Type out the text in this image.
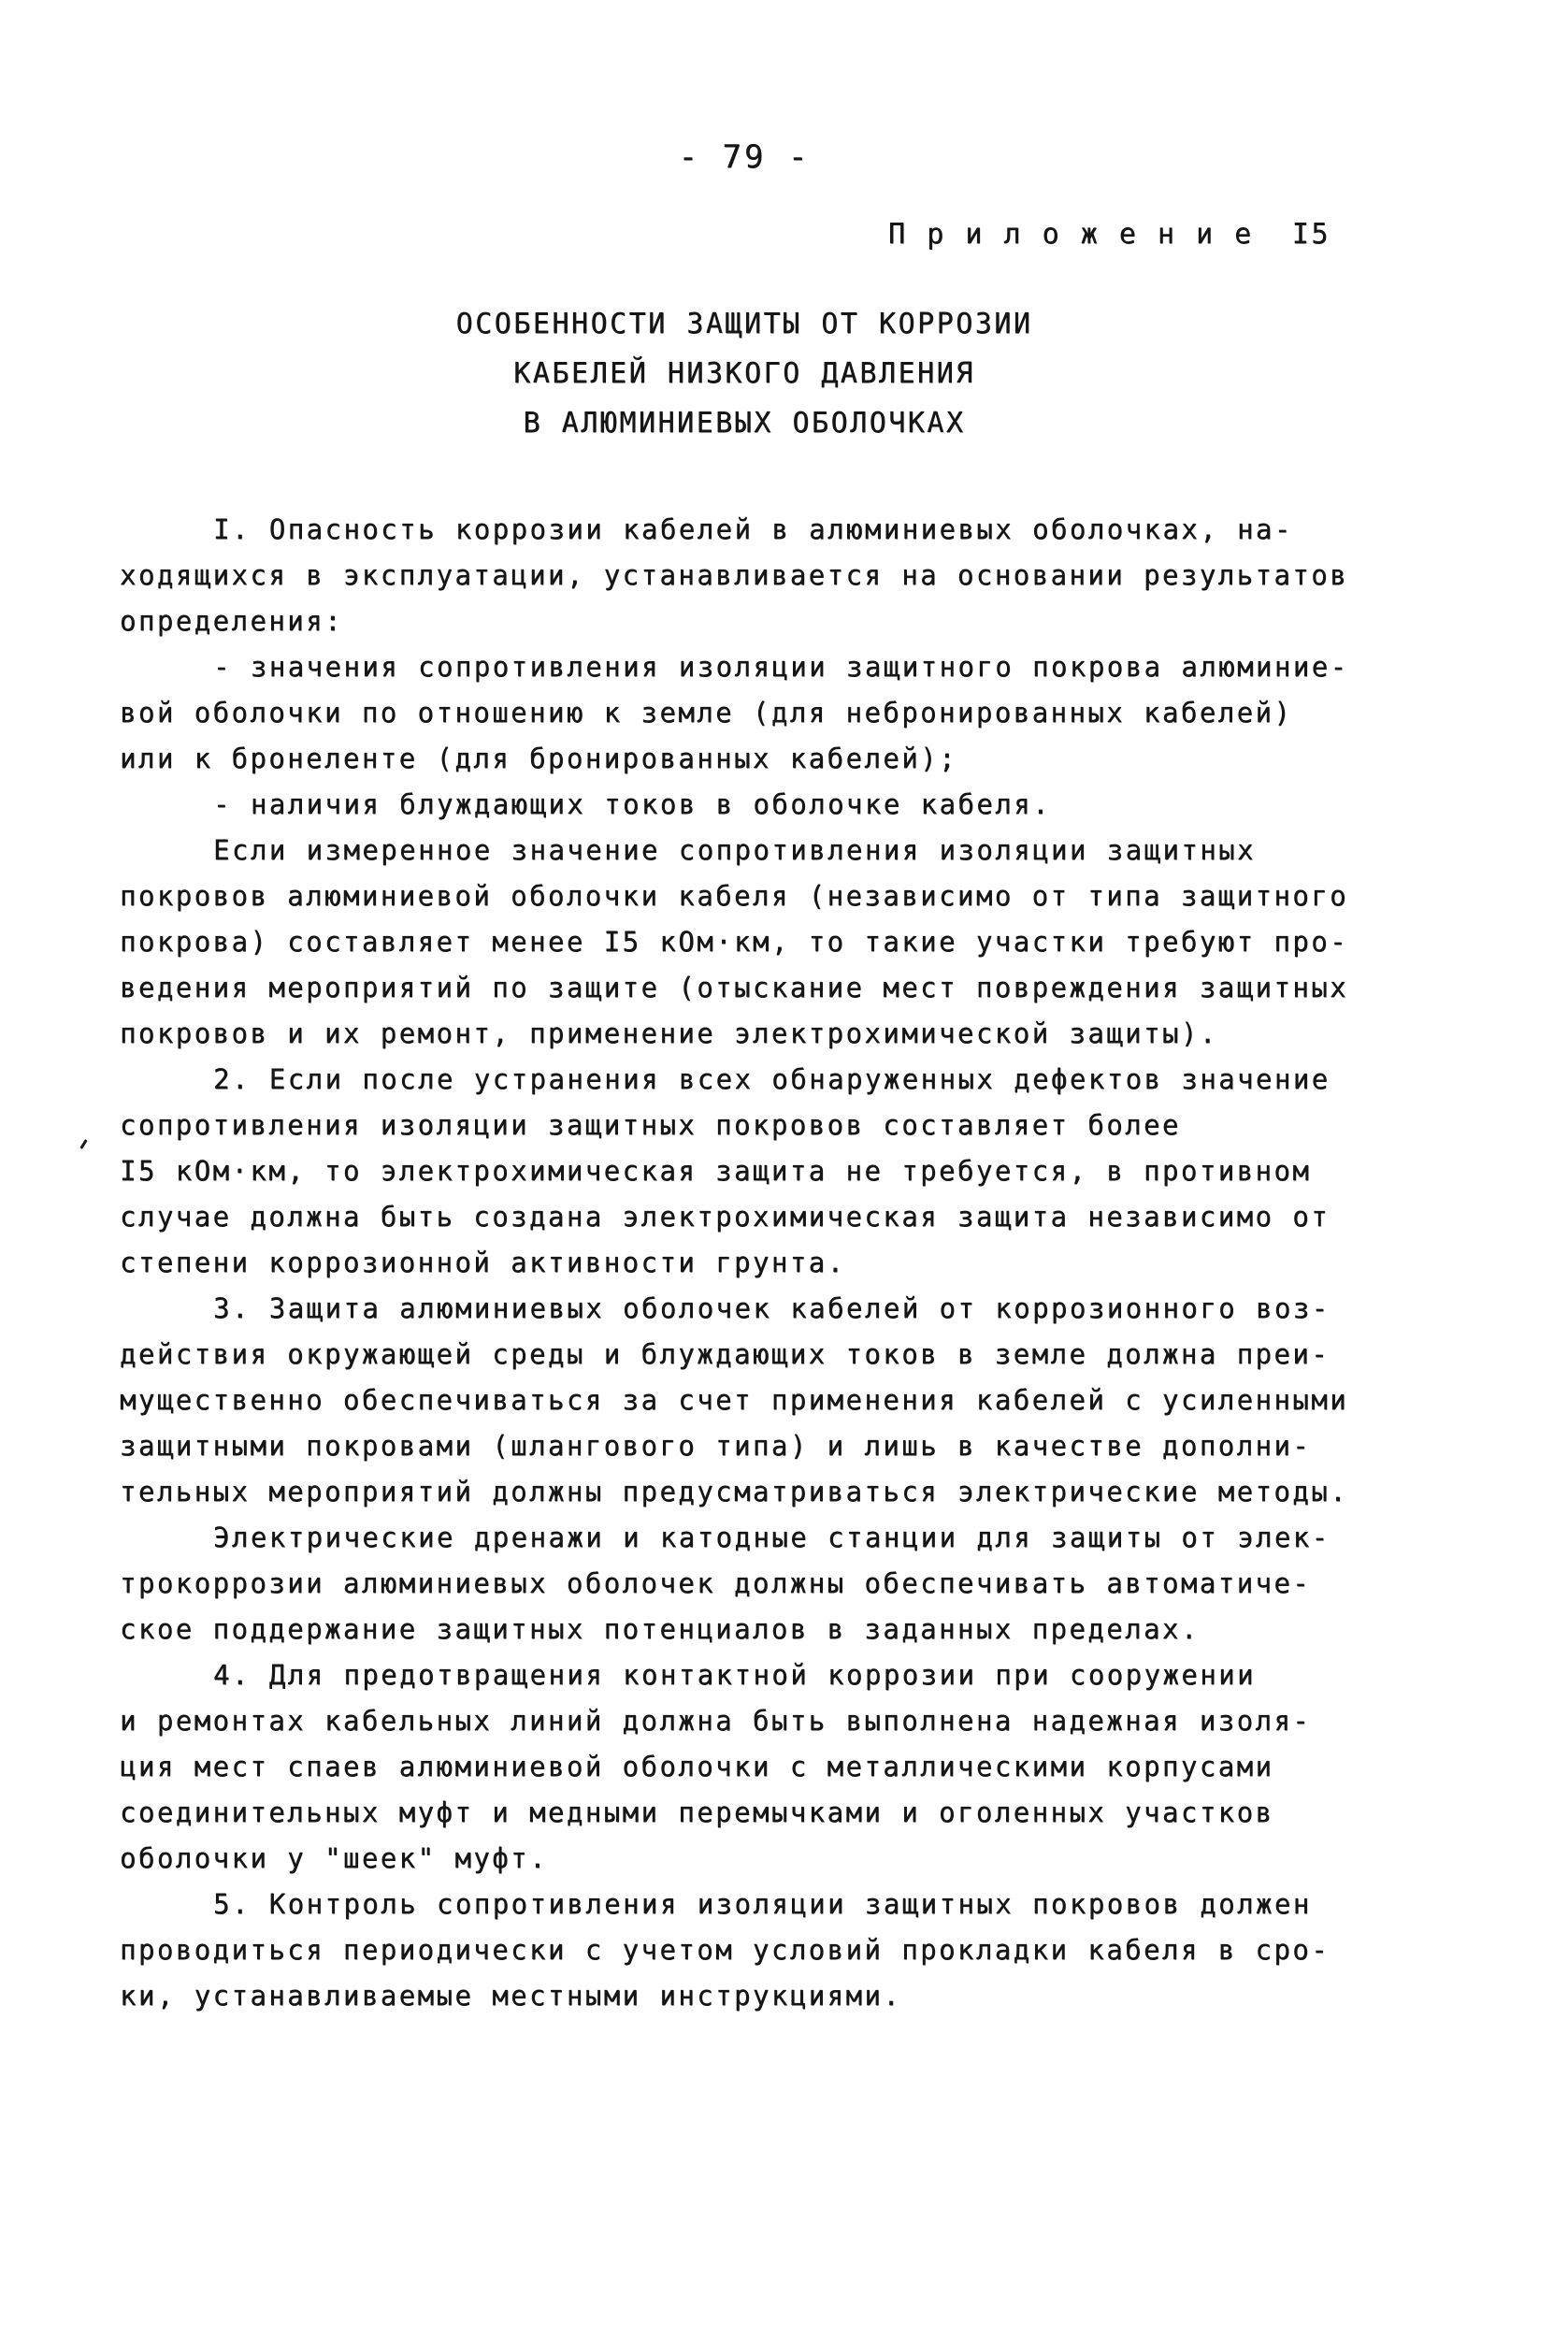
- 79 -
П р и л о ж е н и е  I5
ОСОБЕННОСТИ ЗАЩИТЫ ОТ КОРРОЗИИ
КАБЕЛЕЙ НИЗКОГО ДАВЛЕНИЯ
В АЛЮМИНИЕВЫХ ОБОЛОЧКАХ
I. Опасность коррозии кабелей в алюминиевых оболочках, на-
ходящихся в эксплуатации, устанавливается на основании результатов
определения:
- значения сопротивления изоляции защитного покрова алюминие-
вой оболочки по отношению к земле (для небронированных кабелей)
или к бронеленте (для бронированных кабелей);
- наличия блуждающих токов в оболочке кабеля.
Если измеренное значение сопротивления изоляции защитных
покровов алюминиевой оболочки кабеля (независимо от типа защитного
покрова) составляет менее I5 кОм·км, то такие участки требуют про-
ведения мероприятий по защите (отыскание мест повреждения защитных
покровов и их ремонт, применение электрохимической защиты).
2. Если после устранения всех обнаруженных дефектов значение
сопротивления изоляции защитных покровов составляет более
I5 кОм·км, то электрохимическая защита не требуется, в противном
случае должна быть создана электрохимическая защита независимо от
степени коррозионной активности грунта.
3. Защита алюминиевых оболочек кабелей от коррозионного воз-
действия окружающей среды и блуждающих токов в земле должна преи-
мущественно обеспечиваться за счет применения кабелей с усиленными
защитными покровами (шлангового типа) и лишь в качестве дополни-
тельных мероприятий должны предусматриваться электрические методы.
Электрические дренажи и катодные станции для защиты от элек-
трокоррозии алюминиевых оболочек должны обеспечивать автоматиче-
ское поддержание защитных потенциалов в заданных пределах.
4. Для предотвращения контактной коррозии при сооружении
и ремонтах кабельных линий должна быть выполнена надежная изоля-
ция мест спаев алюминиевой оболочки с металлическими корпусами
соединительных муфт и медными перемычками и оголенных участков
оболочки у "шеек" муфт.
5. Контроль сопротивления изоляции защитных покровов должен
проводиться периодически с учетом условий прокладки кабеля в сро-
ки, устанавливаемые местными инструкциями.
